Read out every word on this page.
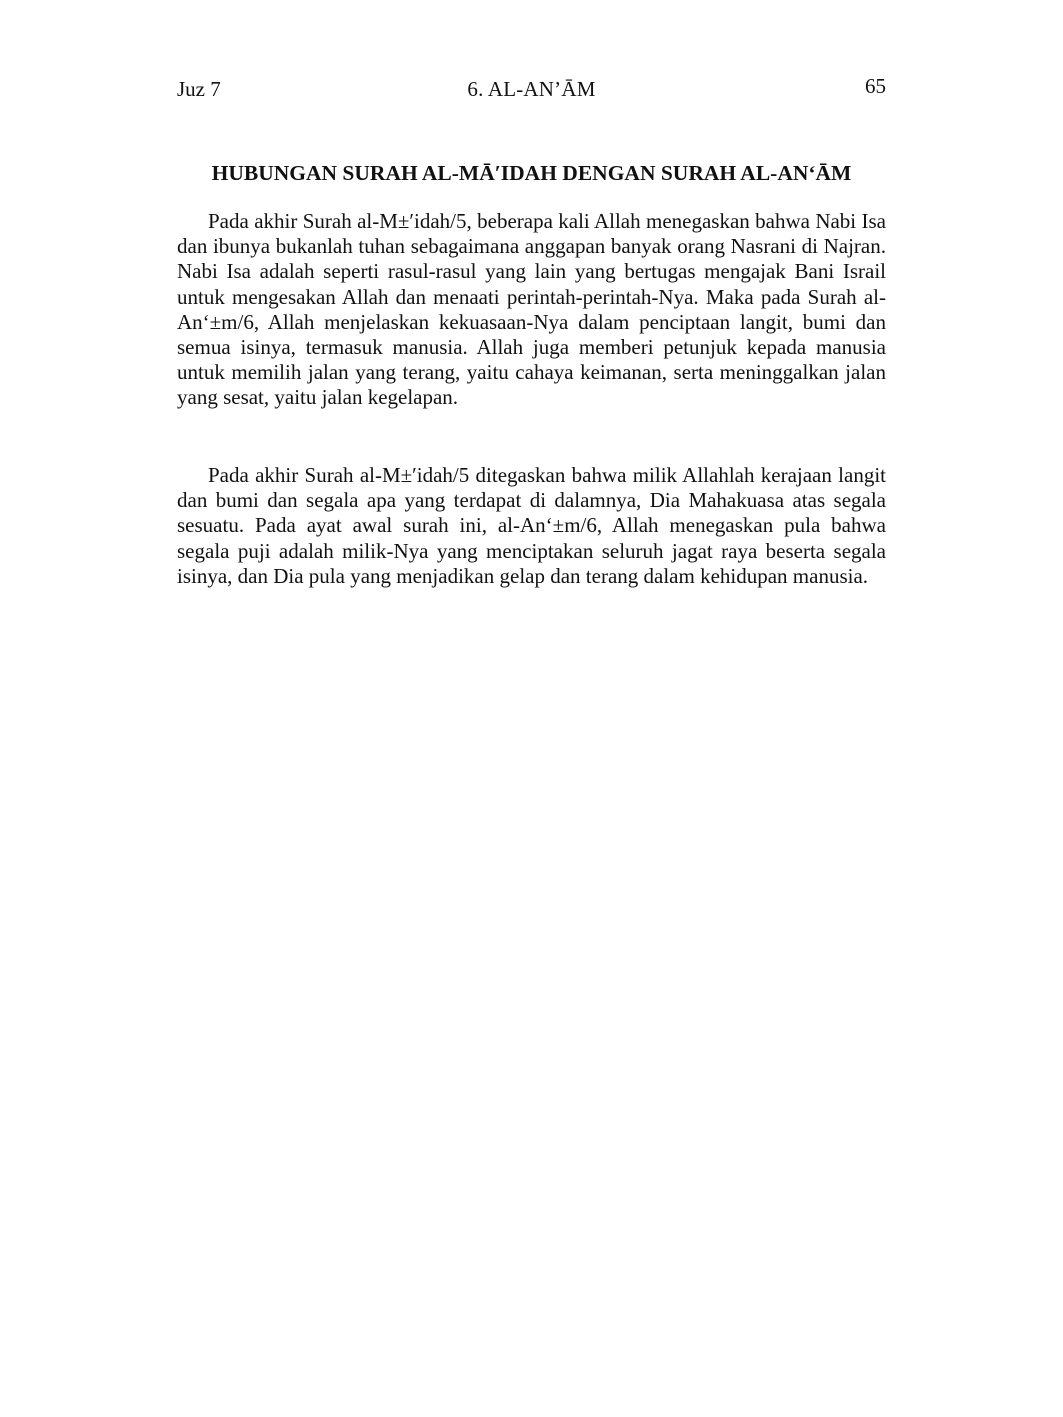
Juz 7	6. AL-AN’ĀM	65
HUBUNGAN SURAH AL-MĀ′IDAH DENGAN SURAH AL-AN‘ĀM

Pada akhir Surah al-M±′idah/5, beberapa kali Allah menegaskan bahwa Nabi Isa dan ibunya bukanlah tuhan sebagaimana anggapan banyak orang Nasrani di Najran. Nabi Isa adalah seperti rasul-rasul yang lain yang bertugas mengajak Bani Israil untuk mengesakan Allah dan menaati perintah-perintah-Nya. Maka pada Surah al-An‘±m/6, Allah menjelaskan kekuasaan-Nya dalam penciptaan langit, bumi dan semua isinya, termasuk manusia. Allah juga memberi petunjuk kepada manusia untuk memilih jalan yang terang, yaitu cahaya keimanan, serta meninggalkan jalan yang sesat, yaitu jalan kegelapan.

Pada akhir Surah al-M±′idah/5 ditegaskan bahwa milik Allahlah kerajaan langit dan bumi dan segala apa yang terdapat di dalamnya, Dia Mahakuasa atas segala sesuatu. Pada ayat awal surah ini, al-An‘±m/6, Allah menegaskan pula bahwa segala puji adalah milik-Nya yang menciptakan seluruh jagat raya beserta segala isinya, dan Dia pula yang menjadikan gelap dan terang dalam kehidupan manusia.
